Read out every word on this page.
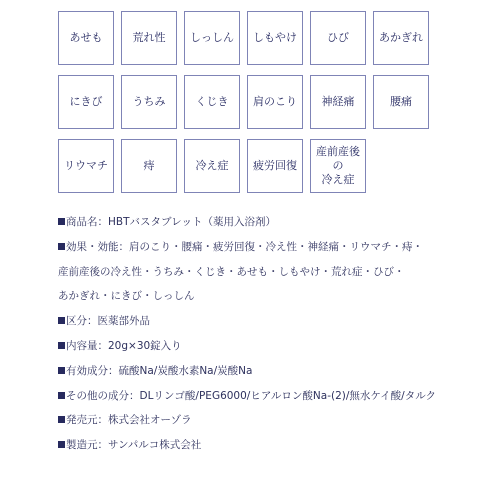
あせも	荒れ性	しっしん	しもやけ	ひび	あかぎれ
にきび	うちみ	くじき	肩のこり	神経痛	腰痛
リウマチ	痔	冷え症	疲労回復
産前産後の
冷え症
商品名：HBTバスタブレット（薬用入浴剤）
効果・効能：肩のこり・腰痛・疲労回復・冷え性・神経痛・リウマチ・痔・
産前産後の冷え性・うちみ・くじき・あせも・しもやけ・荒れ症・ひび・
あかぎれ・にきび・しっしん
区分：医薬部外品
内容量：20g×30錠入り
有効成分：硫酸Na/炭酸水素Na/炭酸Na
その他の成分：DLリンゴ酸/PEG6000/ヒアルロン酸Na-(2)/無水ケイ酸/タルク
発売元：株式会社オーゾラ
製造元：サンパルコ株式会社
